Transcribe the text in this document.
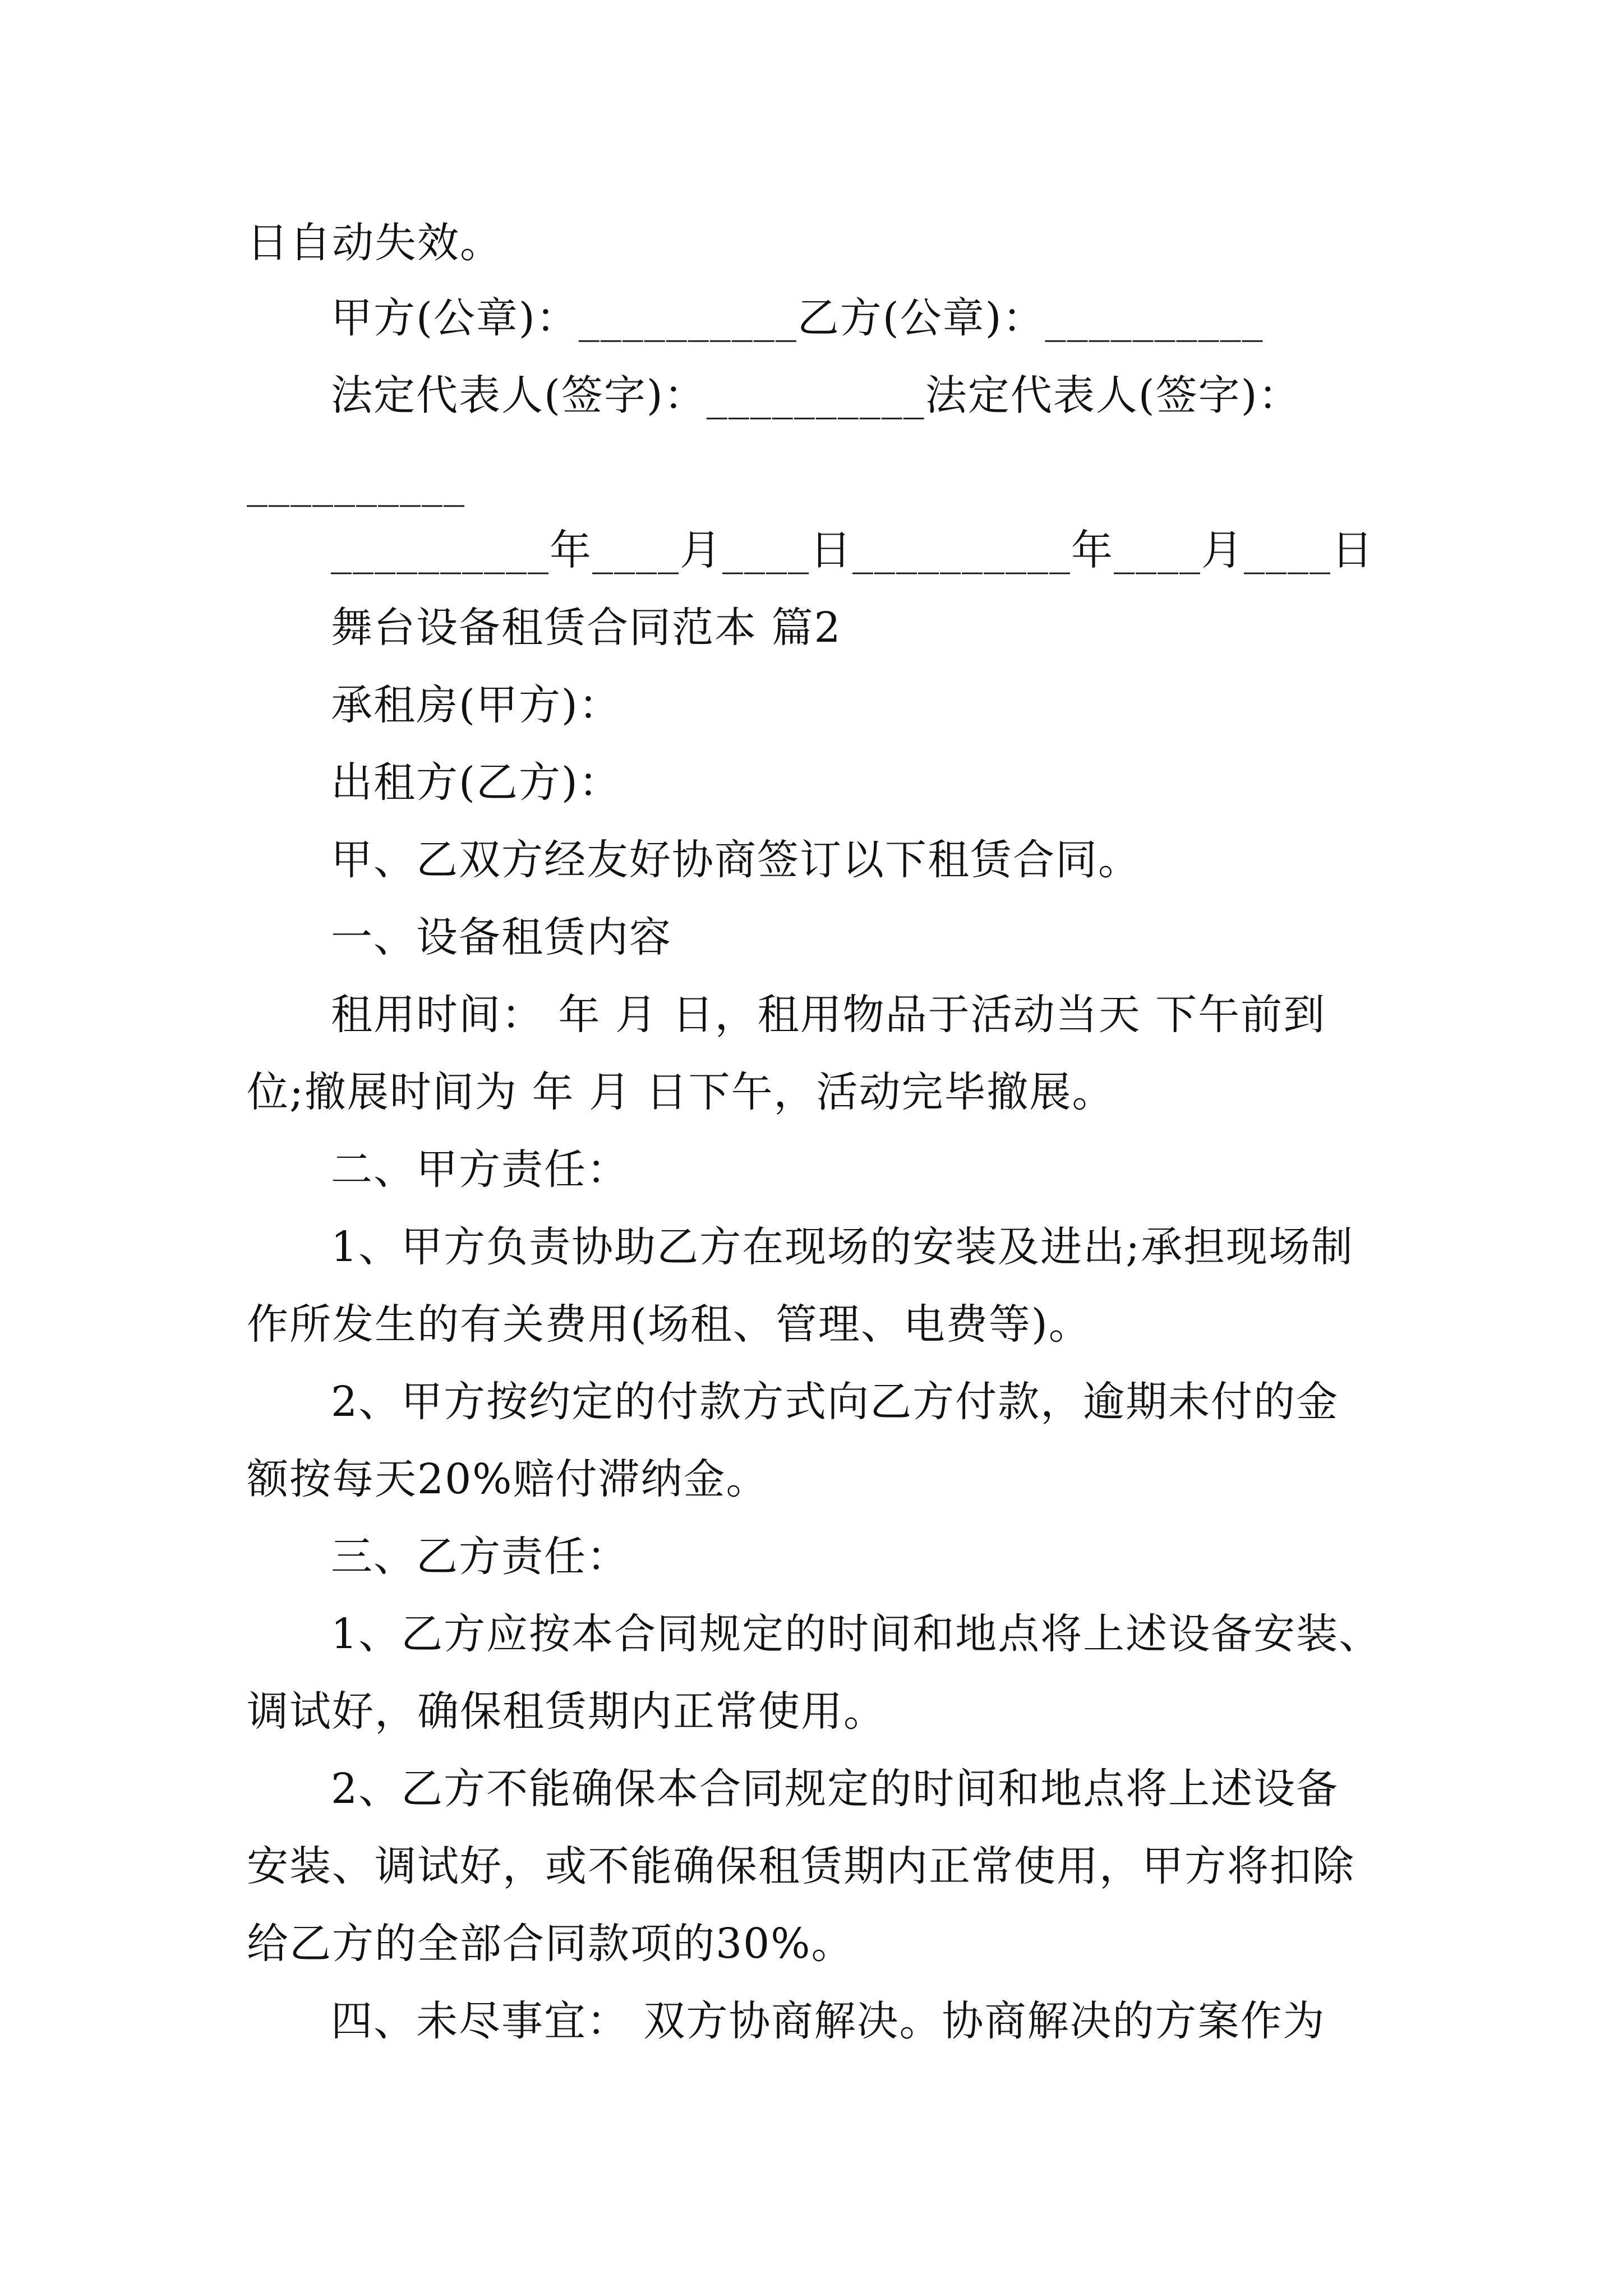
日自动失效。
甲方(公章)：__________乙方(公章)：__________
法定代表人(签字)：__________法定代表人(签字)：
__________
__________年____月____日__________年____月____日
舞台设备租赁合同范本 篇2
承租房(甲方)：
出租方(乙方)：
甲、乙双方经友好协商签订以下租赁合同。
一、设备租赁内容
租用时间： 年 月 日，租用物品于活动当天 下午前到
位;撤展时间为 年 月 日下午，活动完毕撤展。
二、甲方责任：
1、甲方负责协助乙方在现场的安装及进出;承担现场制
作所发生的有关费用(场租、管理、电费等)。
2、甲方按约定的付款方式向乙方付款，逾期未付的金
额按每天20%赔付滞纳金。
三、乙方责任：
1、乙方应按本合同规定的时间和地点将上述设备安装、
调试好，确保租赁期内正常使用。
2、乙方不能确保本合同规定的时间和地点将上述设备
安装、调试好，或不能确保租赁期内正常使用，甲方将扣除
给乙方的全部合同款项的30%。
四、未尽事宜： 双方协商解决。协商解决的方案作为
